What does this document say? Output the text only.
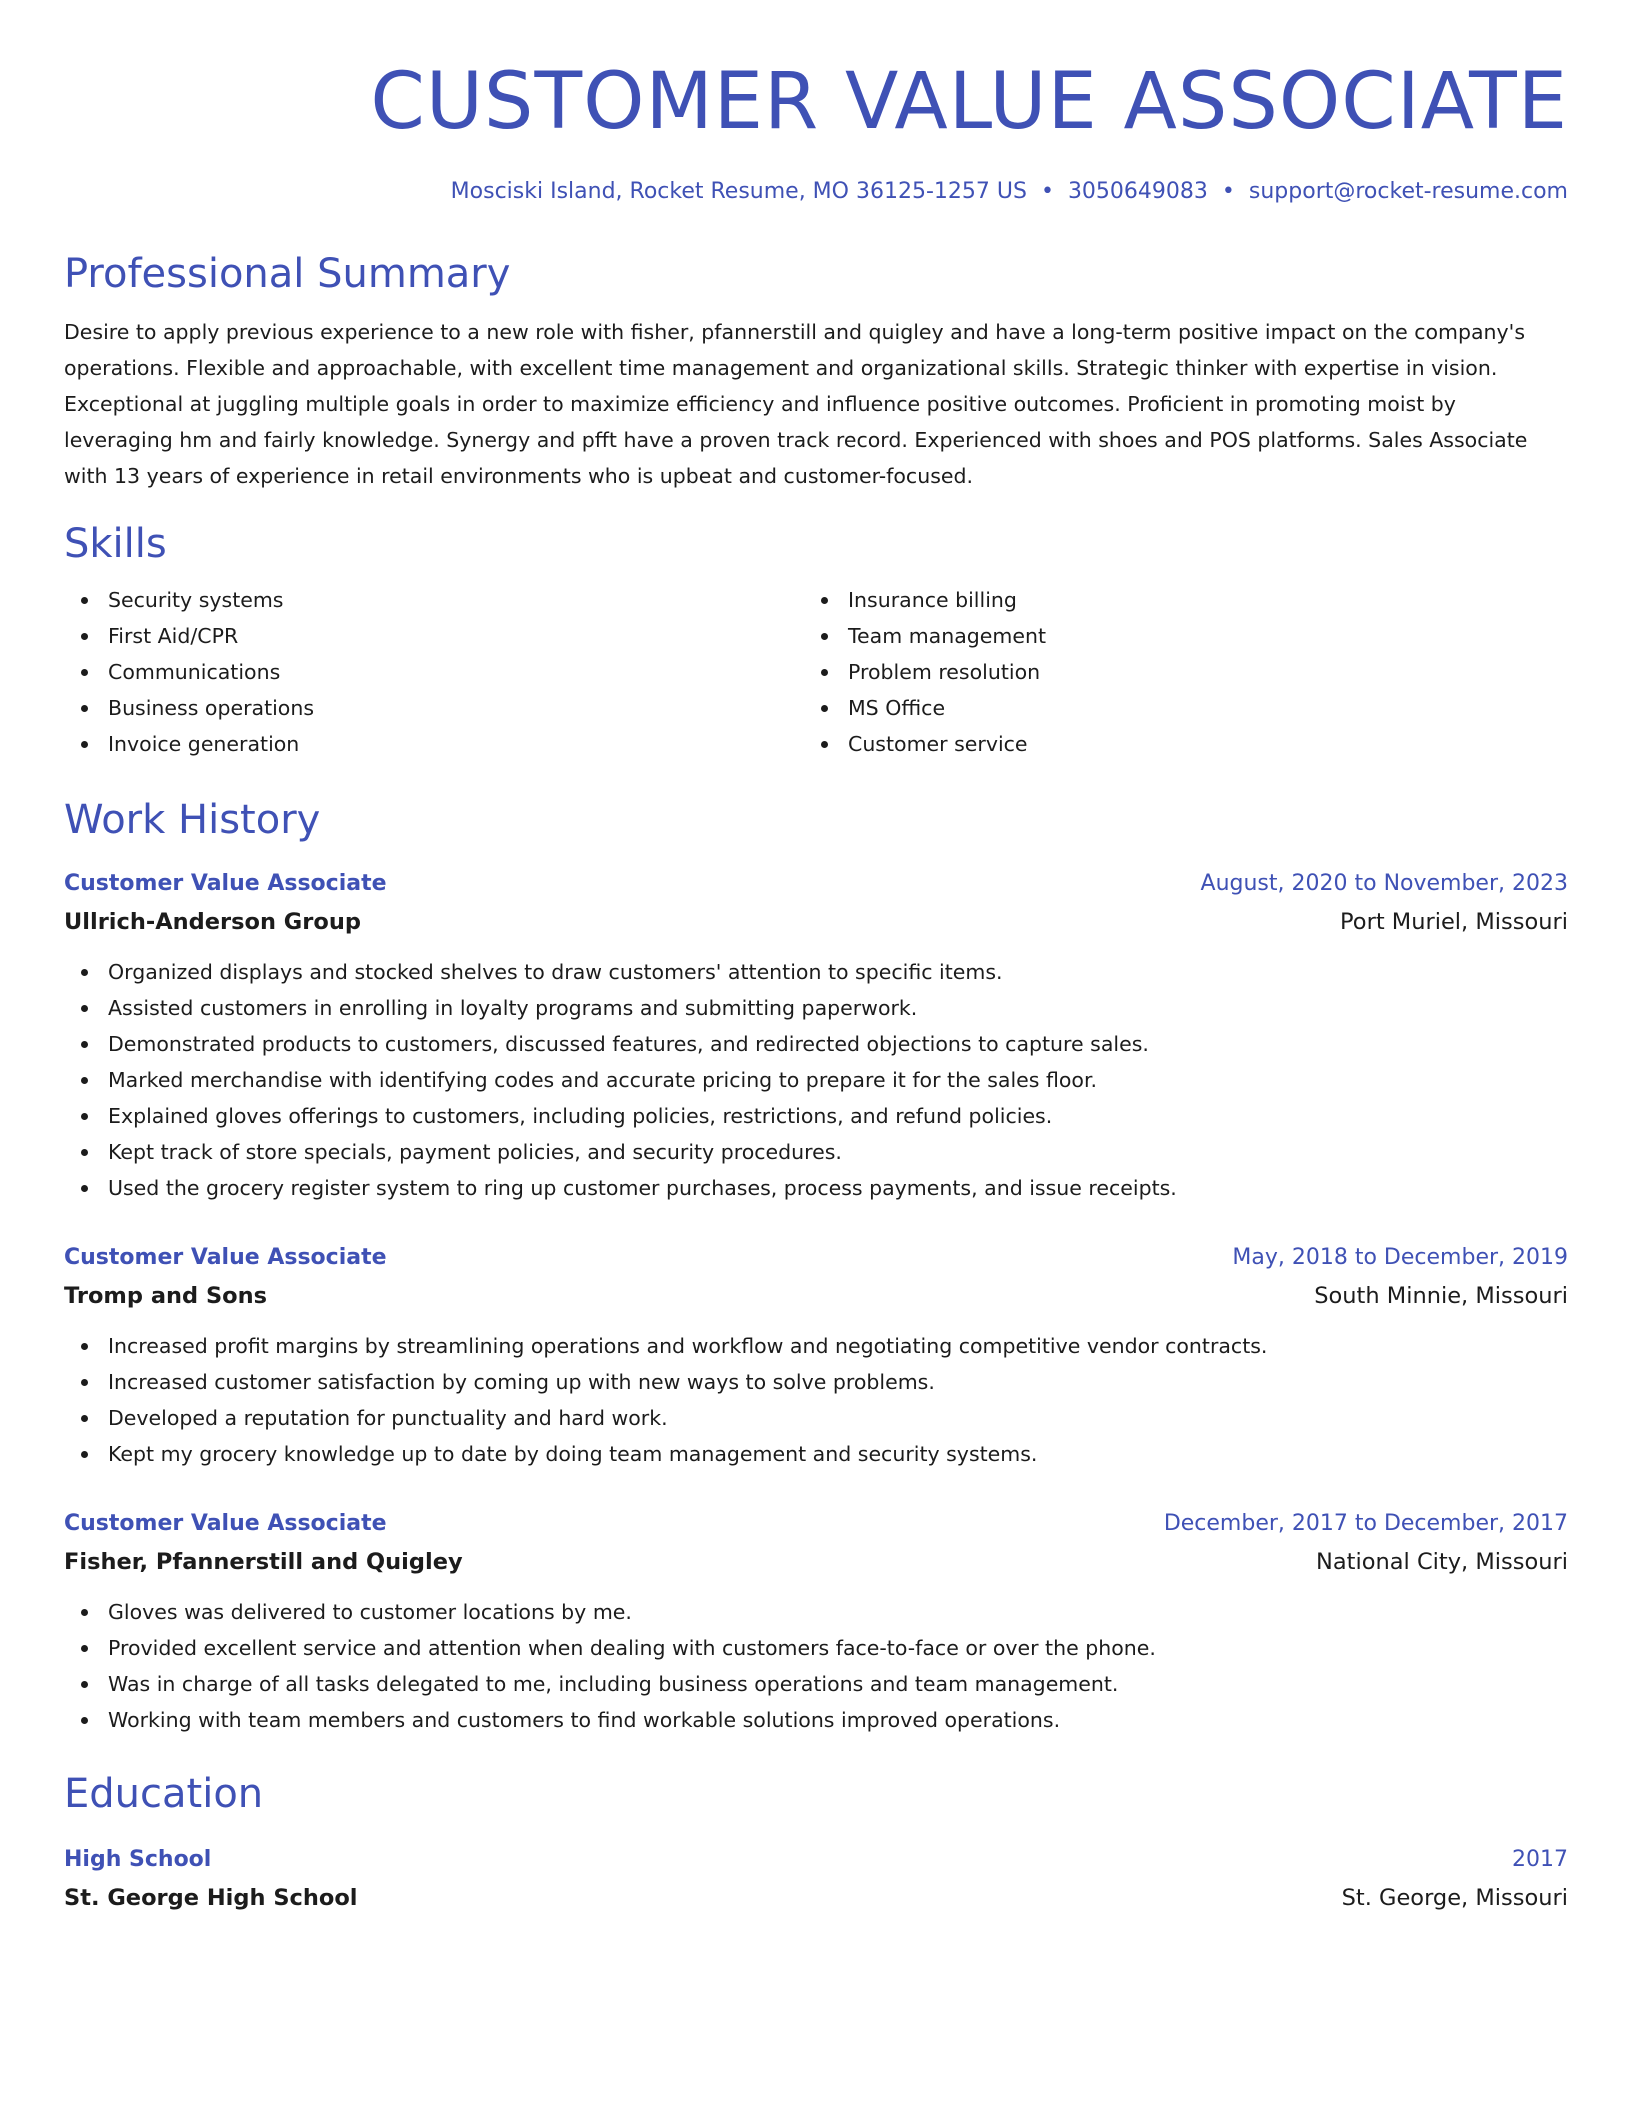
CUSTOMER VALUE ASSOCIATE
Mosciski Island, Rocket Resume, MO 36125-1257 US • 3050649083 • support@rocket-resume.com
Professional Summary

Desire to apply previous experience to a new role with fisher, pfannerstill and quigley and have a long-term positive impact on the company's operations. Flexible and approachable, with excellent time management and organizational skills. Strategic thinker with expertise in vision. Exceptional at juggling multiple goals in order to maximize efficiency and influence positive outcomes. Proficient in promoting moist by leveraging hm and fairly knowledge. Synergy and pfft have a proven track record. Experienced with shoes and POS platforms. Sales Associate with 13 years of experience in retail environments who is upbeat and customer-focused.

Skills
Security systems
First Aid/CPR
Communications
Business operations
Invoice generation
Insurance billing
Team management
Problem resolution
MS Office
Customer service
Work History
Customer Value Associate	August, 2020 to November, 2023
Ullrich-Anderson Group	Port Muriel, Missouri
Organized displays and stocked shelves to draw customers' attention to specific items.
Assisted customers in enrolling in loyalty programs and submitting paperwork.
Demonstrated products to customers, discussed features, and redirected objections to capture sales.
Marked merchandise with identifying codes and accurate pricing to prepare it for the sales floor.
Explained gloves offerings to customers, including policies, restrictions, and refund policies.
Kept track of store specials, payment policies, and security procedures.
Used the grocery register system to ring up customer purchases, process payments, and issue receipts.
Customer Value Associate	May, 2018 to December, 2019
Tromp and Sons	South Minnie, Missouri
Increased profit margins by streamlining operations and workflow and negotiating competitive vendor contracts.
Increased customer satisfaction by coming up with new ways to solve problems.
Developed a reputation for punctuality and hard work.
Kept my grocery knowledge up to date by doing team management and security systems.
Customer Value Associate	December, 2017 to December, 2017
Fisher, Pfannerstill and Quigley	National City, Missouri
Gloves was delivered to customer locations by me.
Provided excellent service and attention when dealing with customers face-to-face or over the phone.
Was in charge of all tasks delegated to me, including business operations and team management.
Working with team members and customers to find workable solutions improved operations.
Education
High School	2017
St. George High School	St. George, Missouri
